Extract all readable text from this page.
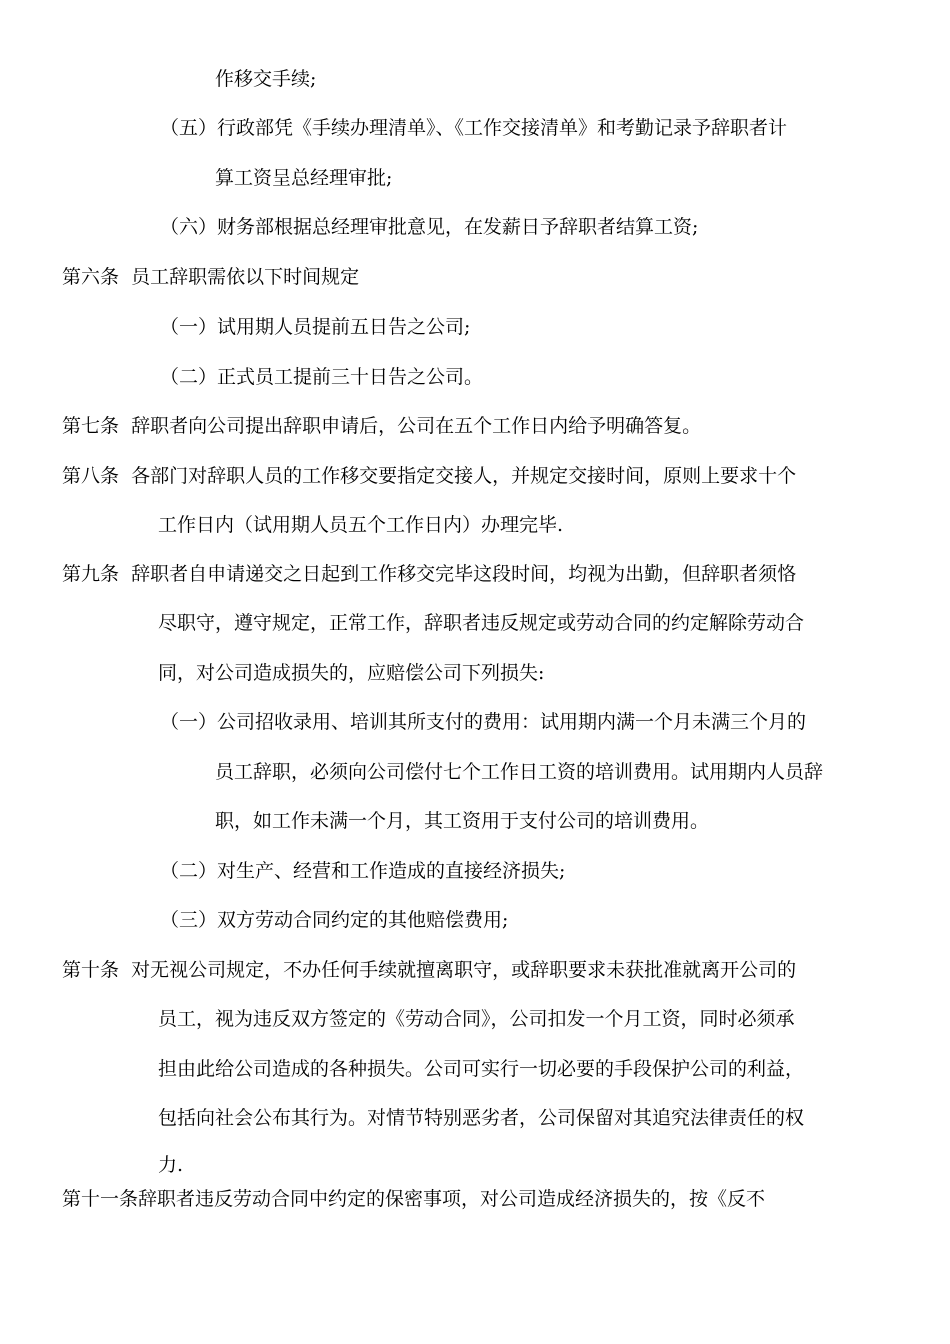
作移交手续;
（五）行政部凭《手续办理清单》、《工作交接清单》和考勤记录予辞职者计
算工资呈总经理审批;
（六）财务部根据总经理审批意见，在发薪日予辞职者结算工资;
第六条 员工辞职需依以下时间规定
（一）试用期人员提前五日告之公司;
（二）正式员工提前三十日告之公司。
第七条 辞职者向公司提出辞职申请后，公司在五个工作日内给予明确答复。
第八条 各部门对辞职人员的工作移交要指定交接人，并规定交接时间，原则上要求十个
工作日内（试用期人员五个工作日内）办理完毕.
第九条 辞职者自申请递交之日起到工作移交完毕这段时间，均视为出勤，但辞职者须恪
尽职守，遵守规定，正常工作，辞职者违反规定或劳动合同的约定解除劳动合
同，对公司造成损失的，应赔偿公司下列损失:
（一）公司招收录用、培训其所支付的费用：试用期内满一个月未满三个月的
员工辞职，必须向公司偿付七个工作日工资的培训费用。试用期内人员辞
职，如工作未满一个月，其工资用于支付公司的培训费用。
（二）对生产、经营和工作造成的直接经济损失;
（三）双方劳动合同约定的其他赔偿费用;
第十条 对无视公司规定，不办任何手续就擅离职守，或辞职要求未获批准就离开公司的
员工，视为违反双方签定的《劳动合同》，公司扣发一个月工资，同时必须承
担由此给公司造成的各种损失。公司可实行一切必要的手段保护公司的利益，
包括向社会公布其行为。对情节特别恶劣者，公司保留对其追究法律责任的权
力.
第十一条辞职者违反劳动合同中约定的保密事项，对公司造成经济损失的，按《反不
